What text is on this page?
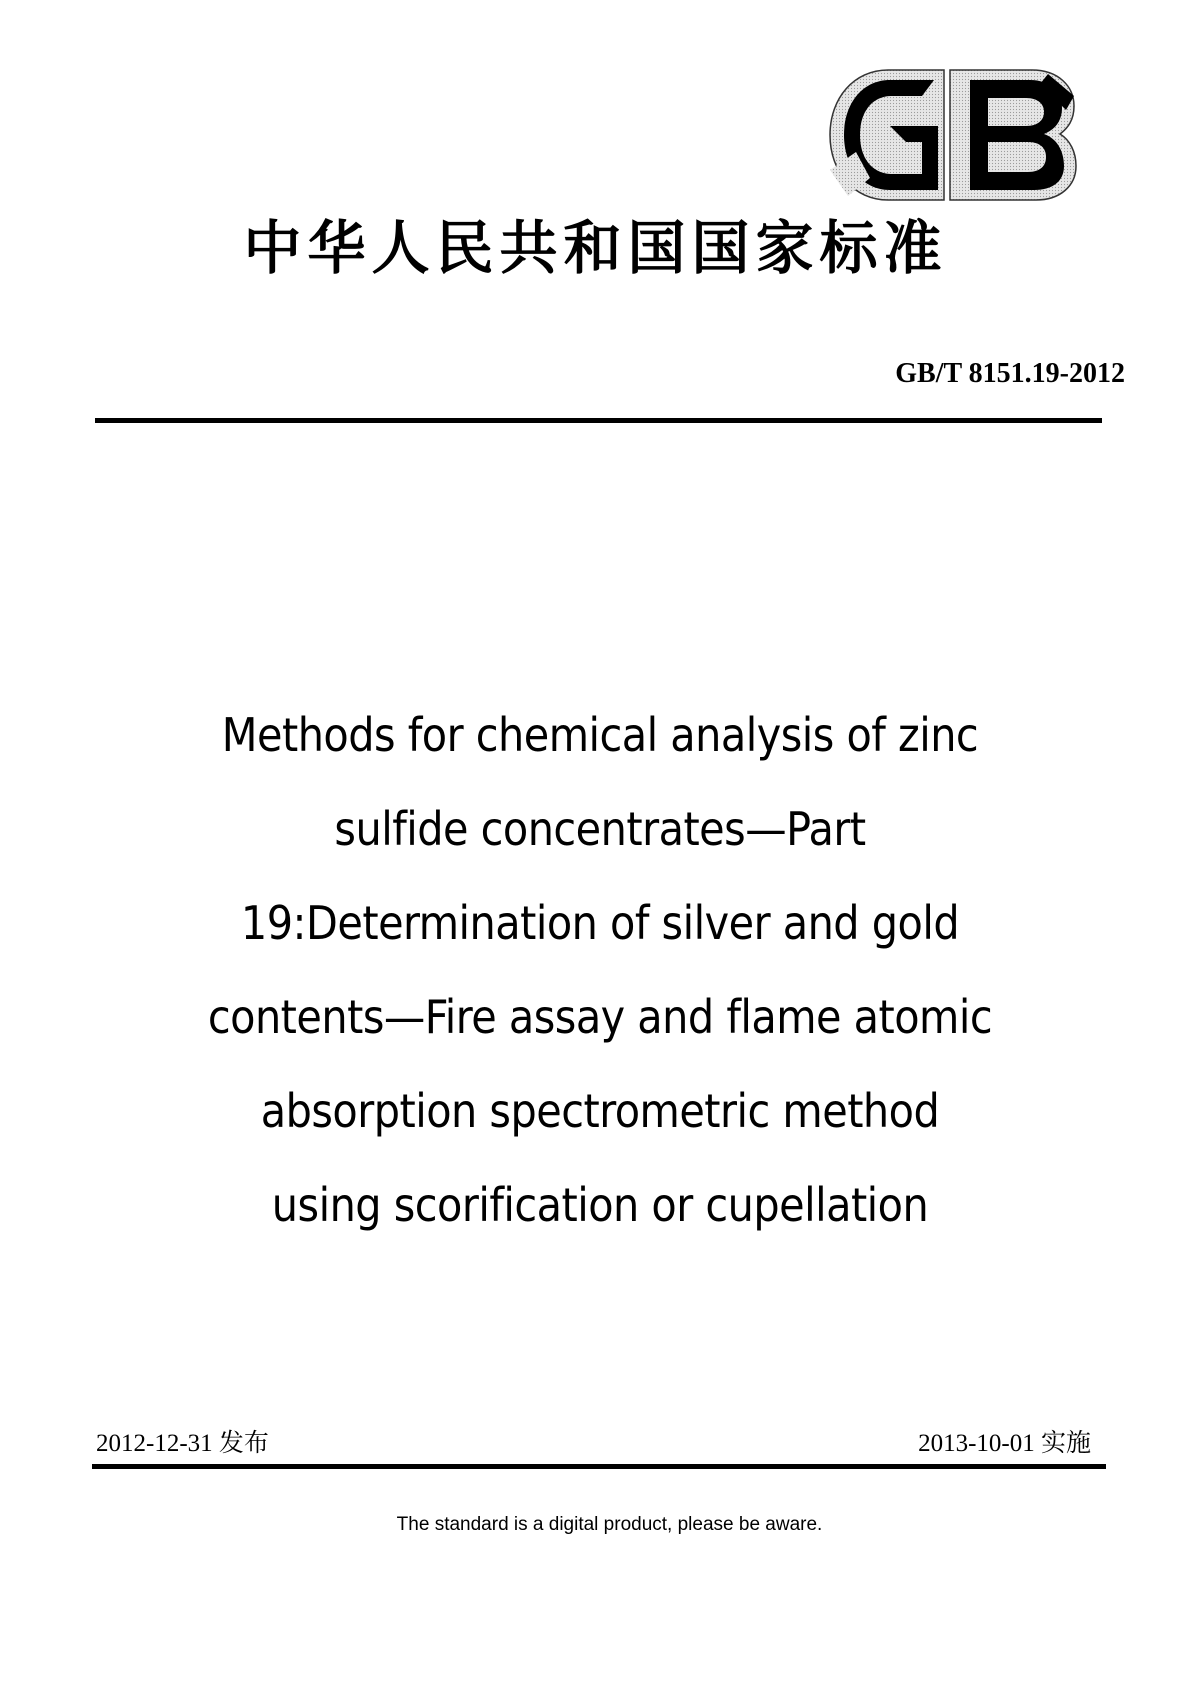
中华人民共和国国家标准
GB/T 8151.19-2012
Methods for chemical analysis of zinc
sulfide concentrates—Part
19:Determination of silver and gold
contents—Fire assay and flame atomic
absorption spectrometric method
using scorification or cupellation
2012-12-31 发布	2013-10-01 实施
The standard is a digital product, please be aware.
